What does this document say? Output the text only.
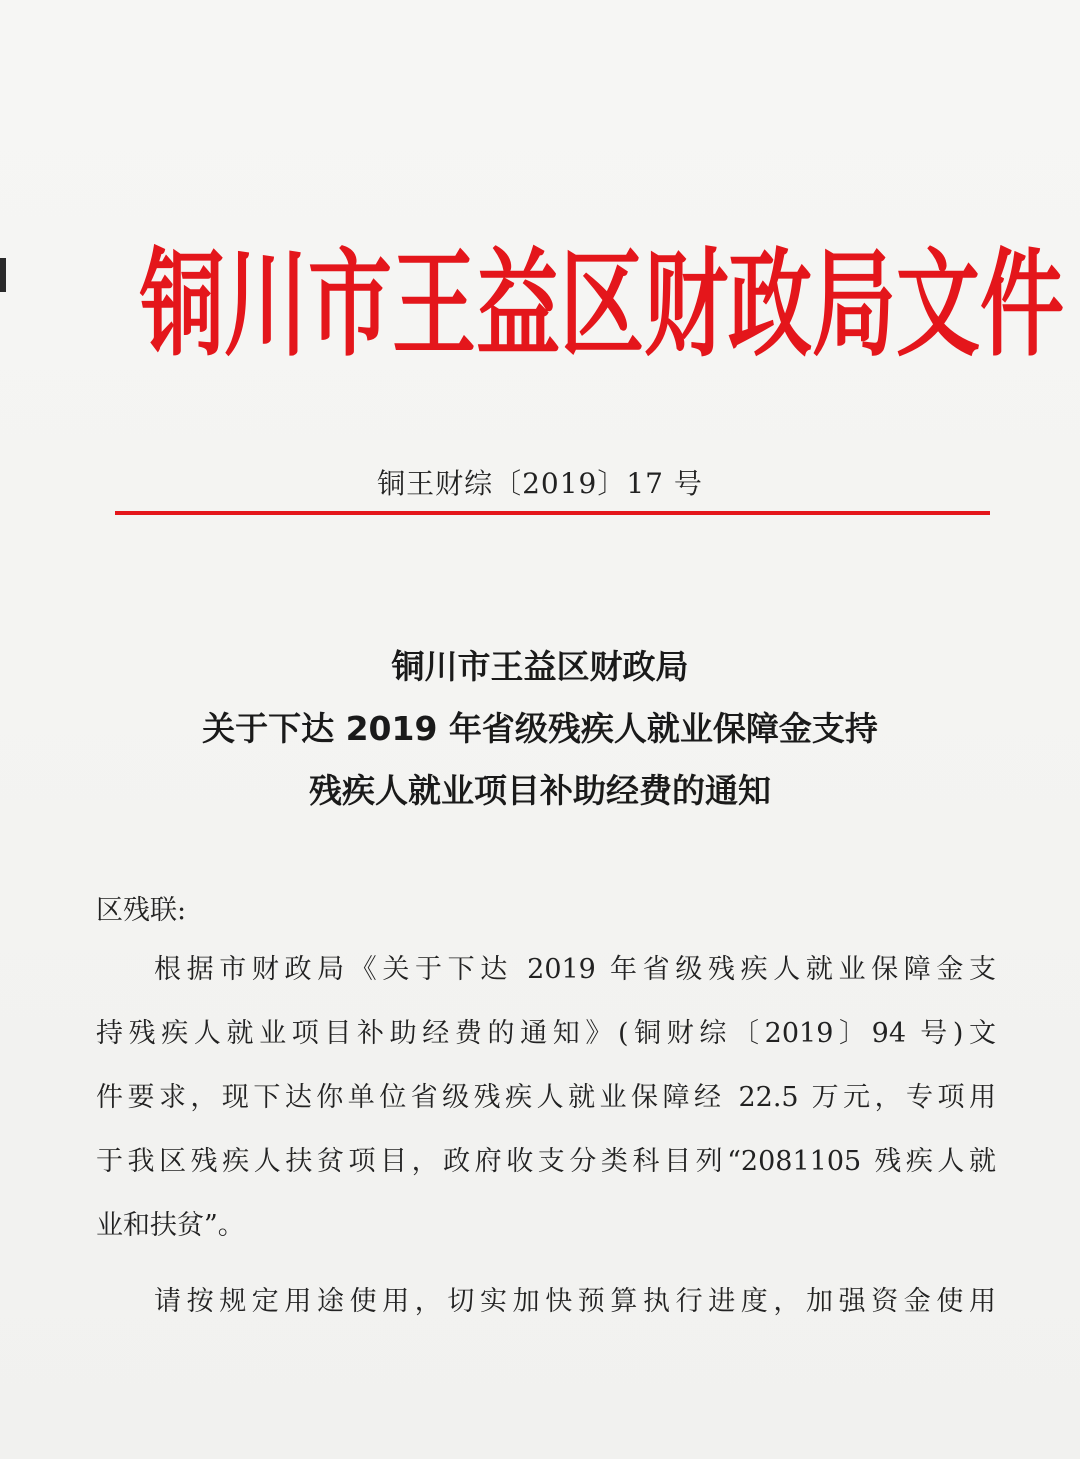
铜川市王益区财政局文件
铜王财综〔2019〕17 号
铜川市王益区财政局
关于下达 2019 年省级残疾人就业保障金支持
残疾人就业项目补助经费的通知
区残联:
根据市财政局《关于下达 2019 年省级残疾人就业保障金支
持残疾人就业项目补助经费的通知》(铜财综〔2019〕94 号)文
件要求，现下达你单位省级残疾人就业保障经 22.5 万元，专项用
于我区残疾人扶贫项目，政府收支分类科目列“2081105 残疾人就
业和扶贫”。
请按规定用途使用，切实加快预算执行进度，加强资金使用
